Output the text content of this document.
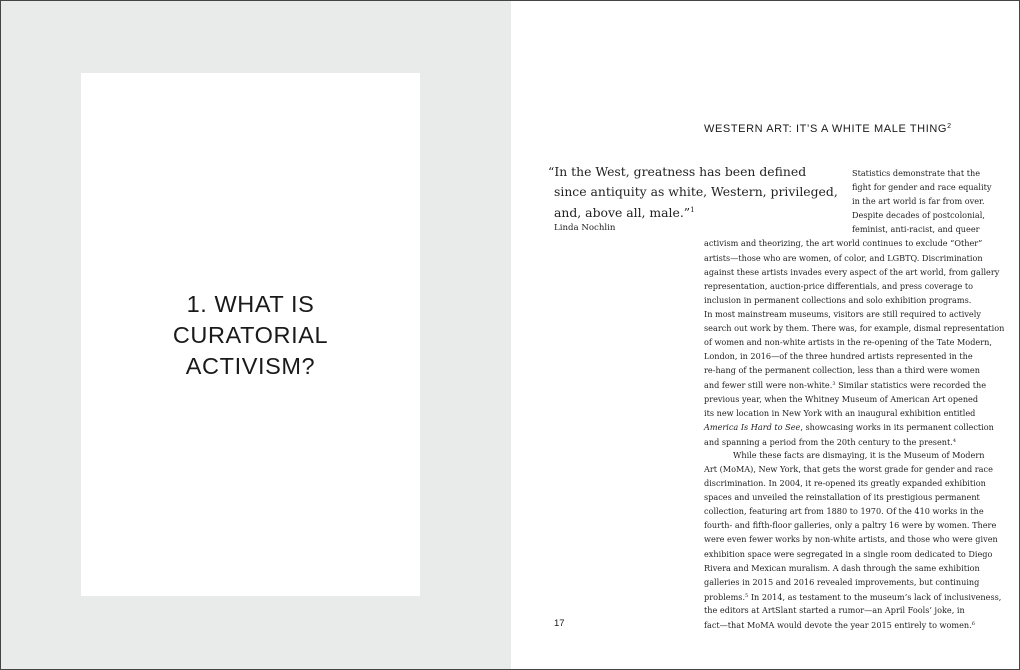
1. WHAT IS
CURATORIAL
ACTIVISM?
WESTERN ART: IT’S A WHITE MALE THING$^2$
“In the West, greatness has been defined
since antiquity as white, Western, privileged,
and, above all, male.”$^1$

Linda Nochlin

Statistics demonstrate that the
fight for gender and race equality
in the art world is far from over.
Despite decades of postcolonial,
feminist, anti-racist, and queer
activism and theorizing, the art world continues to exclude “Other”
artists—those who are women, of color, and LGBTQ. Discrimination
against these artists invades every aspect of the art world, from gallery
representation, auction-price differentials, and press coverage to
inclusion in permanent collections and solo exhibition programs.
In most mainstream museums, visitors are still required to actively
search out work by them. There was, for example, dismal representation
of women and non-white artists in the re-opening of the Tate Modern,
London, in 2016—of the three hundred artists represented in the
re-hang of the permanent collection, less than a third were women
and fewer still were non-white.$^3$ Similar statistics were recorded the
previous year, when the Whitney Museum of American Art opened
its new location in New York with an inaugural exhibition entitled
America Is Hard to See, showcasing works in its permanent collection
and spanning a period from the 20th century to the present.$^4$
While these facts are dismaying, it is the Museum of Modern
Art (MoMA), New York, that gets the worst grade for gender and race
discrimination. In 2004, it re-opened its greatly expanded exhibition
spaces and unveiled the reinstallation of its prestigious permanent
collection, featuring art from 1880 to 1970. Of the 410 works in the
fourth- and fifth-floor galleries, only a paltry 16 were by women. There
were even fewer works by non-white artists, and those who were given
exhibition space were segregated in a single room dedicated to Diego
Rivera and Mexican muralism. A dash through the same exhibition
galleries in 2015 and 2016 revealed improvements, but continuing
problems.$^5$ In 2014, as testament to the museum’s lack of inclusiveness,
the editors at ArtSlant started a rumor—an April Fools’ joke, in
fact—that MoMA would devote the year 2015 entirely to women.$^6$

17
